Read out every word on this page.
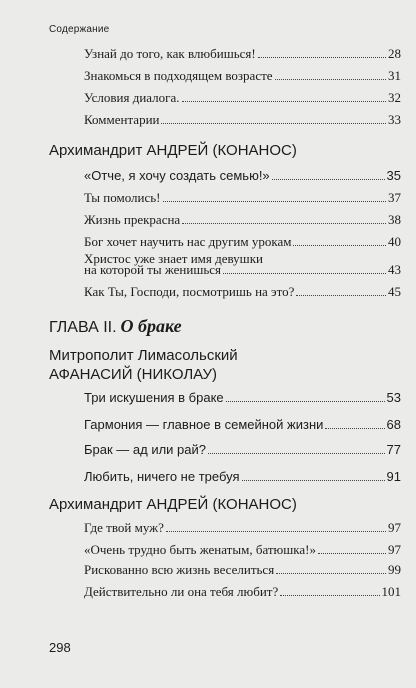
Содержание
Узнай до того, как влюбишься!	28
Знакомься в подходящем возрасте	31
Условия диалога.	32
Комментарии	33
Архимандрит АНДРЕЙ (КОНАНОС)
«Отче, я хочу создать семью!»	35
Ты помолись!	37
Жизнь прекрасна	38
Бог хочет научить нас другим урокам	40
Христос уже знает имя девушки
на которой ты женишься	43
Как Ты, Господи, посмотришь на это?	45
ГЛАВА II. О браке
Митрополит Лимасольский
АФАНАСИЙ (НИКОЛАУ)
Три искушения в браке	53
Гармония — главное в семейной жизни	68
Брак — ад или рай?	77
Любить, ничего не требуя	91
Архимандрит АНДРЕЙ (КОНАНОС)
Где твой муж?	97
«Очень трудно быть женатым, батюшка!»	97
Рискованно всю жизнь веселиться	99
Действительно ли она тебя любит?	101
298
